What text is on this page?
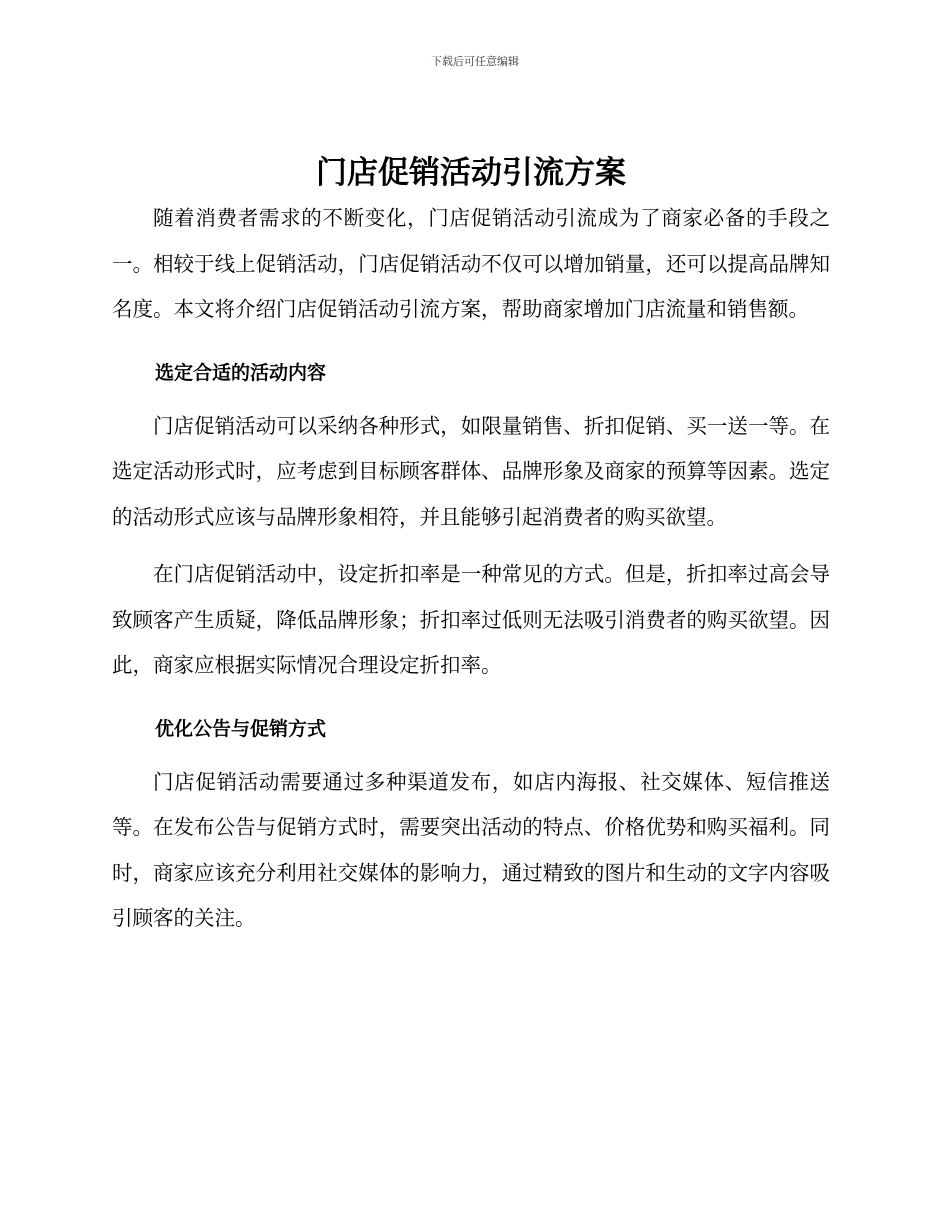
下载后可任意编辑
门店促销活动引流方案

随着消费者需求的不断变化，门店促销活动引流成为了商家必备的手段之一。相较于线上促销活动，门店促销活动不仅可以增加销量，还可以提高品牌知名度。本文将介绍门店促销活动引流方案，帮助商家增加门店流量和销售额。

选定合适的活动内容

门店促销活动可以采纳各种形式，如限量销售、折扣促销、买一送一等。在选定活动形式时，应考虑到目标顾客群体、品牌形象及商家的预算等因素。选定的活动形式应该与品牌形象相符，并且能够引起消费者的购买欲望。

在门店促销活动中，设定折扣率是一种常见的方式。但是，折扣率过高会导致顾客产生质疑，降低品牌形象；折扣率过低则无法吸引消费者的购买欲望。因此，商家应根据实际情况合理设定折扣率。

优化公告与促销方式

门店促销活动需要通过多种渠道发布，如店内海报、社交媒体、短信推送等。在发布公告与促销方式时，需要突出活动的特点、价格优势和购买福利。同时，商家应该充分利用社交媒体的影响力，通过精致的图片和生动的文字内容吸引顾客的关注。
